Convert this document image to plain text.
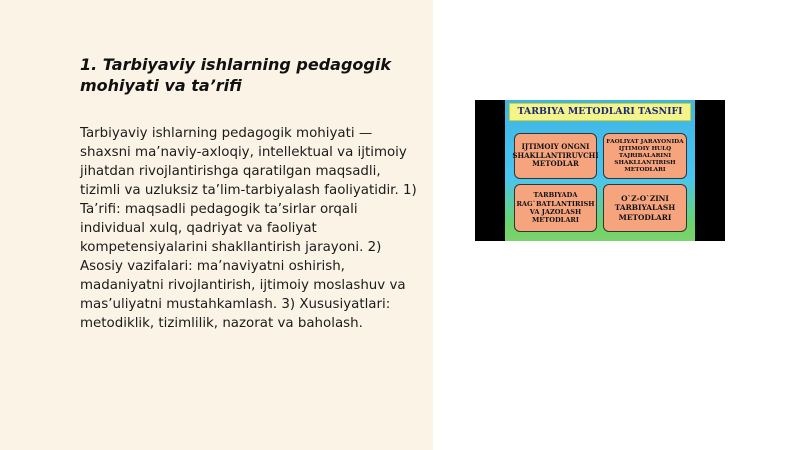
1. Tarbiyaviy ishlarning pedagogik mohiyati va ta’rifi

Tarbiyaviy ishlarning pedagogik mohiyati — shaxsni ma’naviy-axloqiy, intellektual va ijtimoiy jihatdan rivojlantirishga qaratilgan maqsadli, tizimli va uzluksiz ta’lim-tarbiyalash faoliyatidir. 1) Ta’rifi: maqsadli pedagogik ta’sirlar orqali individual xulq, qadriyat va faoliyat kompetensiyalarini shakllantirish jarayoni. 2) Asosiy vazifalari: ma’naviyatni oshirish, madaniyatni rivojlantirish, ijtimoiy moslashuv va mas’uliyatni mustahkamlash. 3) Xususiyatlari: metodiklik, tizimlilik, nazorat va baholash.

TARBIYA METODLARI TASNIFI
IJTIMOIY ONGNI
SHAKLLANTIRUVCHI
METODLAR
FAOLIYAT JARAYONIDA
IJTIMOIY HULQ
TAJRIBALARINI
SHAKLLANTIRISH
METODLARI
TARBIYADA
RAG`BATLANTIRISH
VA JAZOLASH
METODLARI
O`Z-O`ZINI
TARBIYALASH
METODLARI
